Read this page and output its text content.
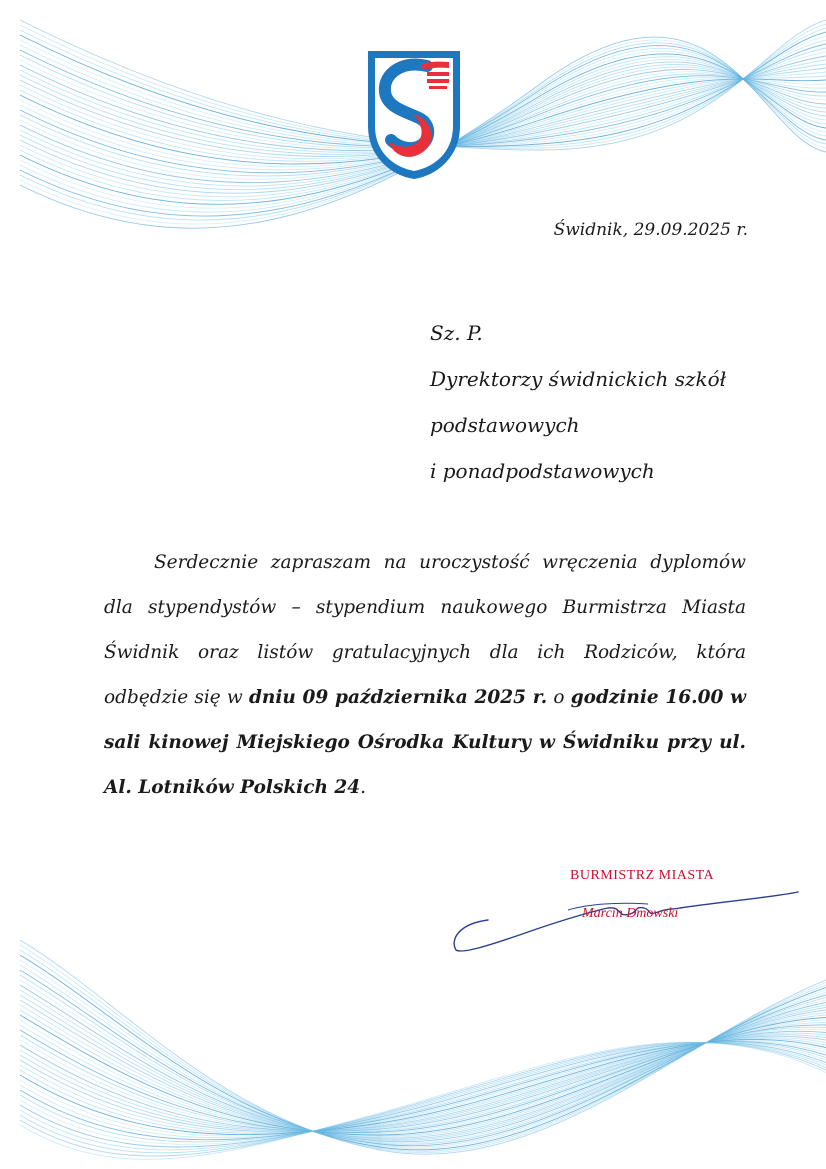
Świdnik, 29.09.2025 r.
Sz. P.
Dyrektorzy świdnickich szkół
podstawowych
i ponadpodstawowych
Serdecznie zapraszam na uroczystość wręczenia dyplomów dla stypendystów – stypendium naukowego Burmistrza Miasta Świdnik oraz listów gratulacyjnych dla ich Rodziców, która odbędzie się w dniu 09 października 2025 r. o godzinie 16.00 w sali kinowej Miejskiego Ośrodka Kultury w Świdniku przy ul. Al. Lotników Polskich 24.
BURMISTRZ MIASTA
Marcin Dmowski
